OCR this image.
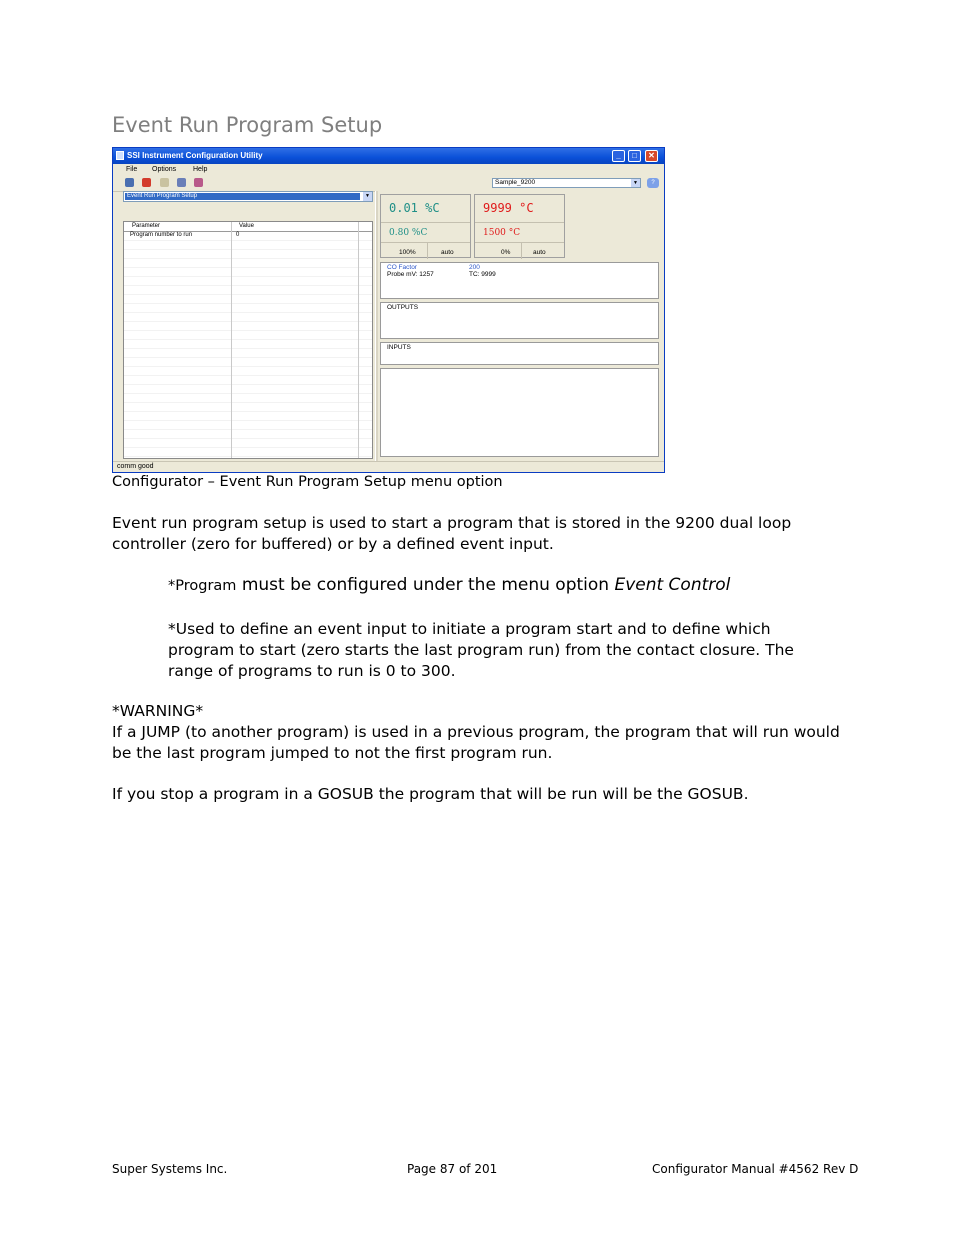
Event Run Program Setup
SSI Instrument Configuration Utility	_	□	✕
File Options Help
Sample_9200	▼	?
Event Run Program Setup	▼
Parameter	Value
Program number to run	0
0.01 %C
0.80 %C
100%	auto
9999 °C
1500 °C
0%	auto
CO Factor	200
Probe mV: 1257	TC: 9999
OUTPUTS
INPUTS
comm good
Configurator – Event Run Program Setup menu option
Event run program setup is used to start a program that is stored in the 9200 dual loop controller (zero for buffered) or by a defined event input.
*Program must be configured under the menu option Event Control
*Used to define an event input to initiate a program start and to define which program to start (zero starts the last program run) from the contact closure. The range of programs to run is 0 to 300.
*WARNING*
If a JUMP (to another program) is used in a previous program, the program that will run would be the last program jumped to not the first program run.
If you stop a program in a GOSUB the program that will be run will be the GOSUB.
Super Systems Inc.	Page 87 of 201	Configurator Manual #4562 Rev D
